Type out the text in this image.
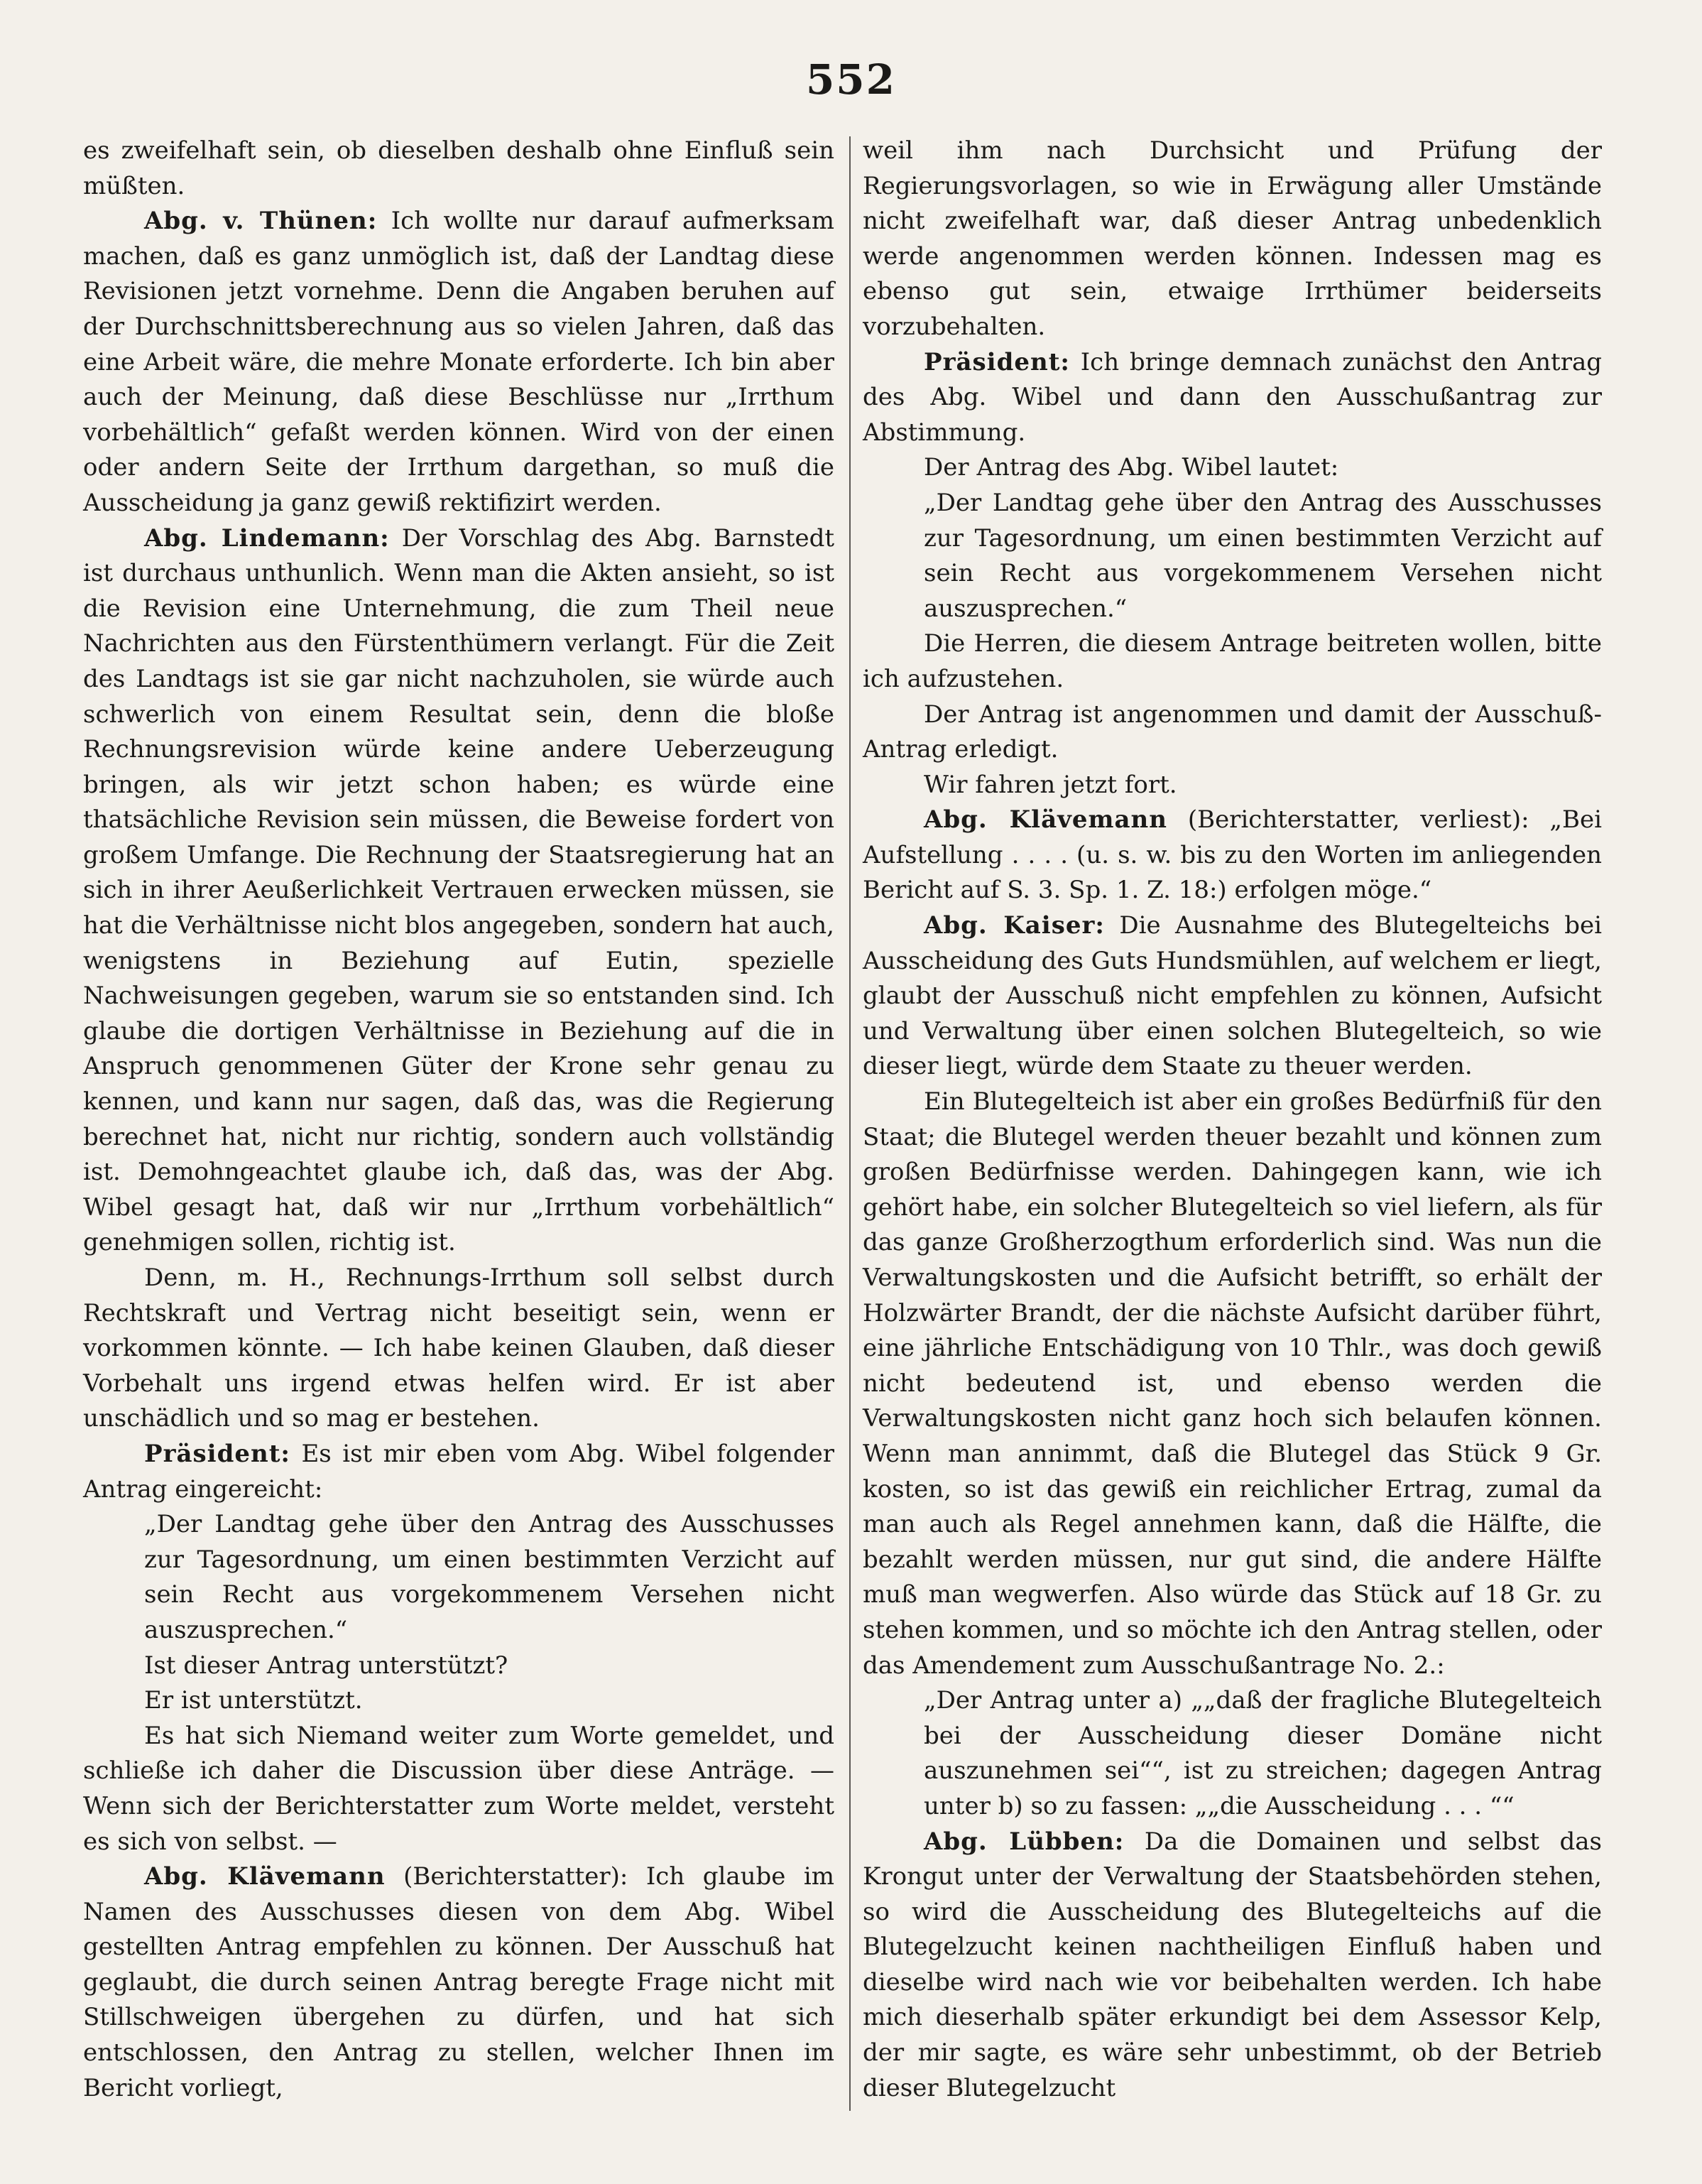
552

es zweifelhaft sein, ob dieselben deshalb ohne Einfluß sein müßten.

Abg. v. Thünen: Ich wollte nur darauf aufmerksam machen, daß es ganz unmöglich ist, daß der Landtag diese Revisionen jetzt vornehme. Denn die Angaben beruhen auf der Durchschnittsberechnung aus so vielen Jahren, daß das eine Arbeit wäre, die mehre Monate erforderte. Ich bin aber auch der Meinung, daß diese Beschlüsse nur „Irrthum vorbehältlich“ gefaßt werden können. Wird von der einen oder andern Seite der Irrthum dargethan, so muß die Ausscheidung ja ganz gewiß rektifizirt werden.

Abg. Lindemann: Der Vorschlag des Abg. Barnstedt ist durchaus unthunlich. Wenn man die Akten ansieht, so ist die Revision eine Unternehmung, die zum Theil neue Nachrichten aus den Fürstenthümern verlangt. Für die Zeit des Landtags ist sie gar nicht nachzuholen, sie würde auch schwerlich von einem Resultat sein, denn die bloße Rechnungsrevision würde keine andere Ueberzeugung bringen, als wir jetzt schon haben; es würde eine thatsächliche Revision sein müssen, die Beweise fordert von großem Umfange. Die Rechnung der Staatsregierung hat an sich in ihrer Aeußerlichkeit Vertrauen erwecken müssen, sie hat die Verhältnisse nicht blos angegeben, sondern hat auch, wenigstens in Beziehung auf Eutin, spezielle Nachweisungen gegeben, warum sie so entstanden sind. Ich glaube die dortigen Verhältnisse in Beziehung auf die in Anspruch genommenen Güter der Krone sehr genau zu kennen, und kann nur sagen, daß das, was die Regierung berechnet hat, nicht nur richtig, sondern auch vollständig ist. Demohngeachtet glaube ich, daß das, was der Abg. Wibel gesagt hat, daß wir nur „Irrthum vorbehältlich“ genehmigen sollen, richtig ist.

Denn, m. H., Rechnungs-Irrthum soll selbst durch Rechtskraft und Vertrag nicht beseitigt sein, wenn er vorkommen könnte. — Ich habe keinen Glauben, daß dieser Vorbehalt uns irgend etwas helfen wird. Er ist aber unschädlich und so mag er bestehen.

Präsident: Es ist mir eben vom Abg. Wibel folgender Antrag eingereicht:

„Der Landtag gehe über den Antrag des Ausschusses zur Tagesordnung, um einen bestimmten Verzicht auf sein Recht aus vorgekommenem Versehen nicht auszusprechen.“

Ist dieser Antrag unterstützt?

Er ist unterstützt.

Es hat sich Niemand weiter zum Worte gemeldet, und schließe ich daher die Discussion über diese Anträge. — Wenn sich der Berichterstatter zum Worte meldet, versteht es sich von selbst. —

Abg. Klävemann (Berichterstatter): Ich glaube im Namen des Ausschusses diesen von dem Abg. Wibel gestellten Antrag empfehlen zu können. Der Ausschuß hat geglaubt, die durch seinen Antrag beregte Frage nicht mit Stillschweigen übergehen zu dürfen, und hat sich entschlossen, den Antrag zu stellen, welcher Ihnen im Bericht vorliegt,

weil ihm nach Durchsicht und Prüfung der Regierungsvorlagen, so wie in Erwägung aller Umstände nicht zweifelhaft war, daß dieser Antrag unbedenklich werde angenommen werden können. Indessen mag es ebenso gut sein, etwaige Irrthümer beiderseits vorzubehalten.

Präsident: Ich bringe demnach zunächst den Antrag des Abg. Wibel und dann den Ausschußantrag zur Abstimmung.

Der Antrag des Abg. Wibel lautet:

„Der Landtag gehe über den Antrag des Ausschusses zur Tagesordnung, um einen bestimmten Verzicht auf sein Recht aus vorgekommenem Versehen nicht auszusprechen.“

Die Herren, die diesem Antrage beitreten wollen, bitte ich aufzustehen.

Der Antrag ist angenommen und damit der Ausschuß-Antrag erledigt.

Wir fahren jetzt fort.

Abg. Klävemann (Berichterstatter, verliest): „Bei Aufstellung . . . . (u. s. w. bis zu den Worten im anliegenden Bericht auf S. 3. Sp. 1. Z. 18:) erfolgen möge.“

Abg. Kaiser: Die Ausnahme des Blutegelteichs bei Ausscheidung des Guts Hundsmühlen, auf welchem er liegt, glaubt der Ausschuß nicht empfehlen zu können, Aufsicht und Verwaltung über einen solchen Blutegelteich, so wie dieser liegt, würde dem Staate zu theuer werden.

Ein Blutegelteich ist aber ein großes Bedürfniß für den Staat; die Blutegel werden theuer bezahlt und können zum großen Bedürfnisse werden. Dahingegen kann, wie ich gehört habe, ein solcher Blutegelteich so viel liefern, als für das ganze Großherzogthum erforderlich sind. Was nun die Verwaltungskosten und die Aufsicht betrifft, so erhält der Holzwärter Brandt, der die nächste Aufsicht darüber führt, eine jährliche Entschädigung von 10 Thlr., was doch gewiß nicht bedeutend ist, und ebenso werden die Verwaltungskosten nicht ganz hoch sich belaufen können. Wenn man annimmt, daß die Blutegel das Stück 9 Gr. kosten, so ist das gewiß ein reichlicher Ertrag, zumal da man auch als Regel annehmen kann, daß die Hälfte, die bezahlt werden müssen, nur gut sind, die andere Hälfte muß man wegwerfen. Also würde das Stück auf 18 Gr. zu stehen kommen, und so möchte ich den Antrag stellen, oder das Amendement zum Ausschußantrage No. 2.:

„Der Antrag unter a) „„daß der fragliche Blutegelteich bei der Ausscheidung dieser Domäne nicht auszunehmen sei““, ist zu streichen; dagegen Antrag unter b) so zu fassen: „„die Ausscheidung . . . ““

Abg. Lübben: Da die Domainen und selbst das Krongut unter der Verwaltung der Staatsbehörden stehen, so wird die Ausscheidung des Blutegelteichs auf die Blutegelzucht keinen nachtheiligen Einfluß haben und dieselbe wird nach wie vor beibehalten werden. Ich habe mich dieserhalb später erkundigt bei dem Assessor Kelp, der mir sagte, es wäre sehr unbestimmt, ob der Betrieb dieser Blutegelzucht
